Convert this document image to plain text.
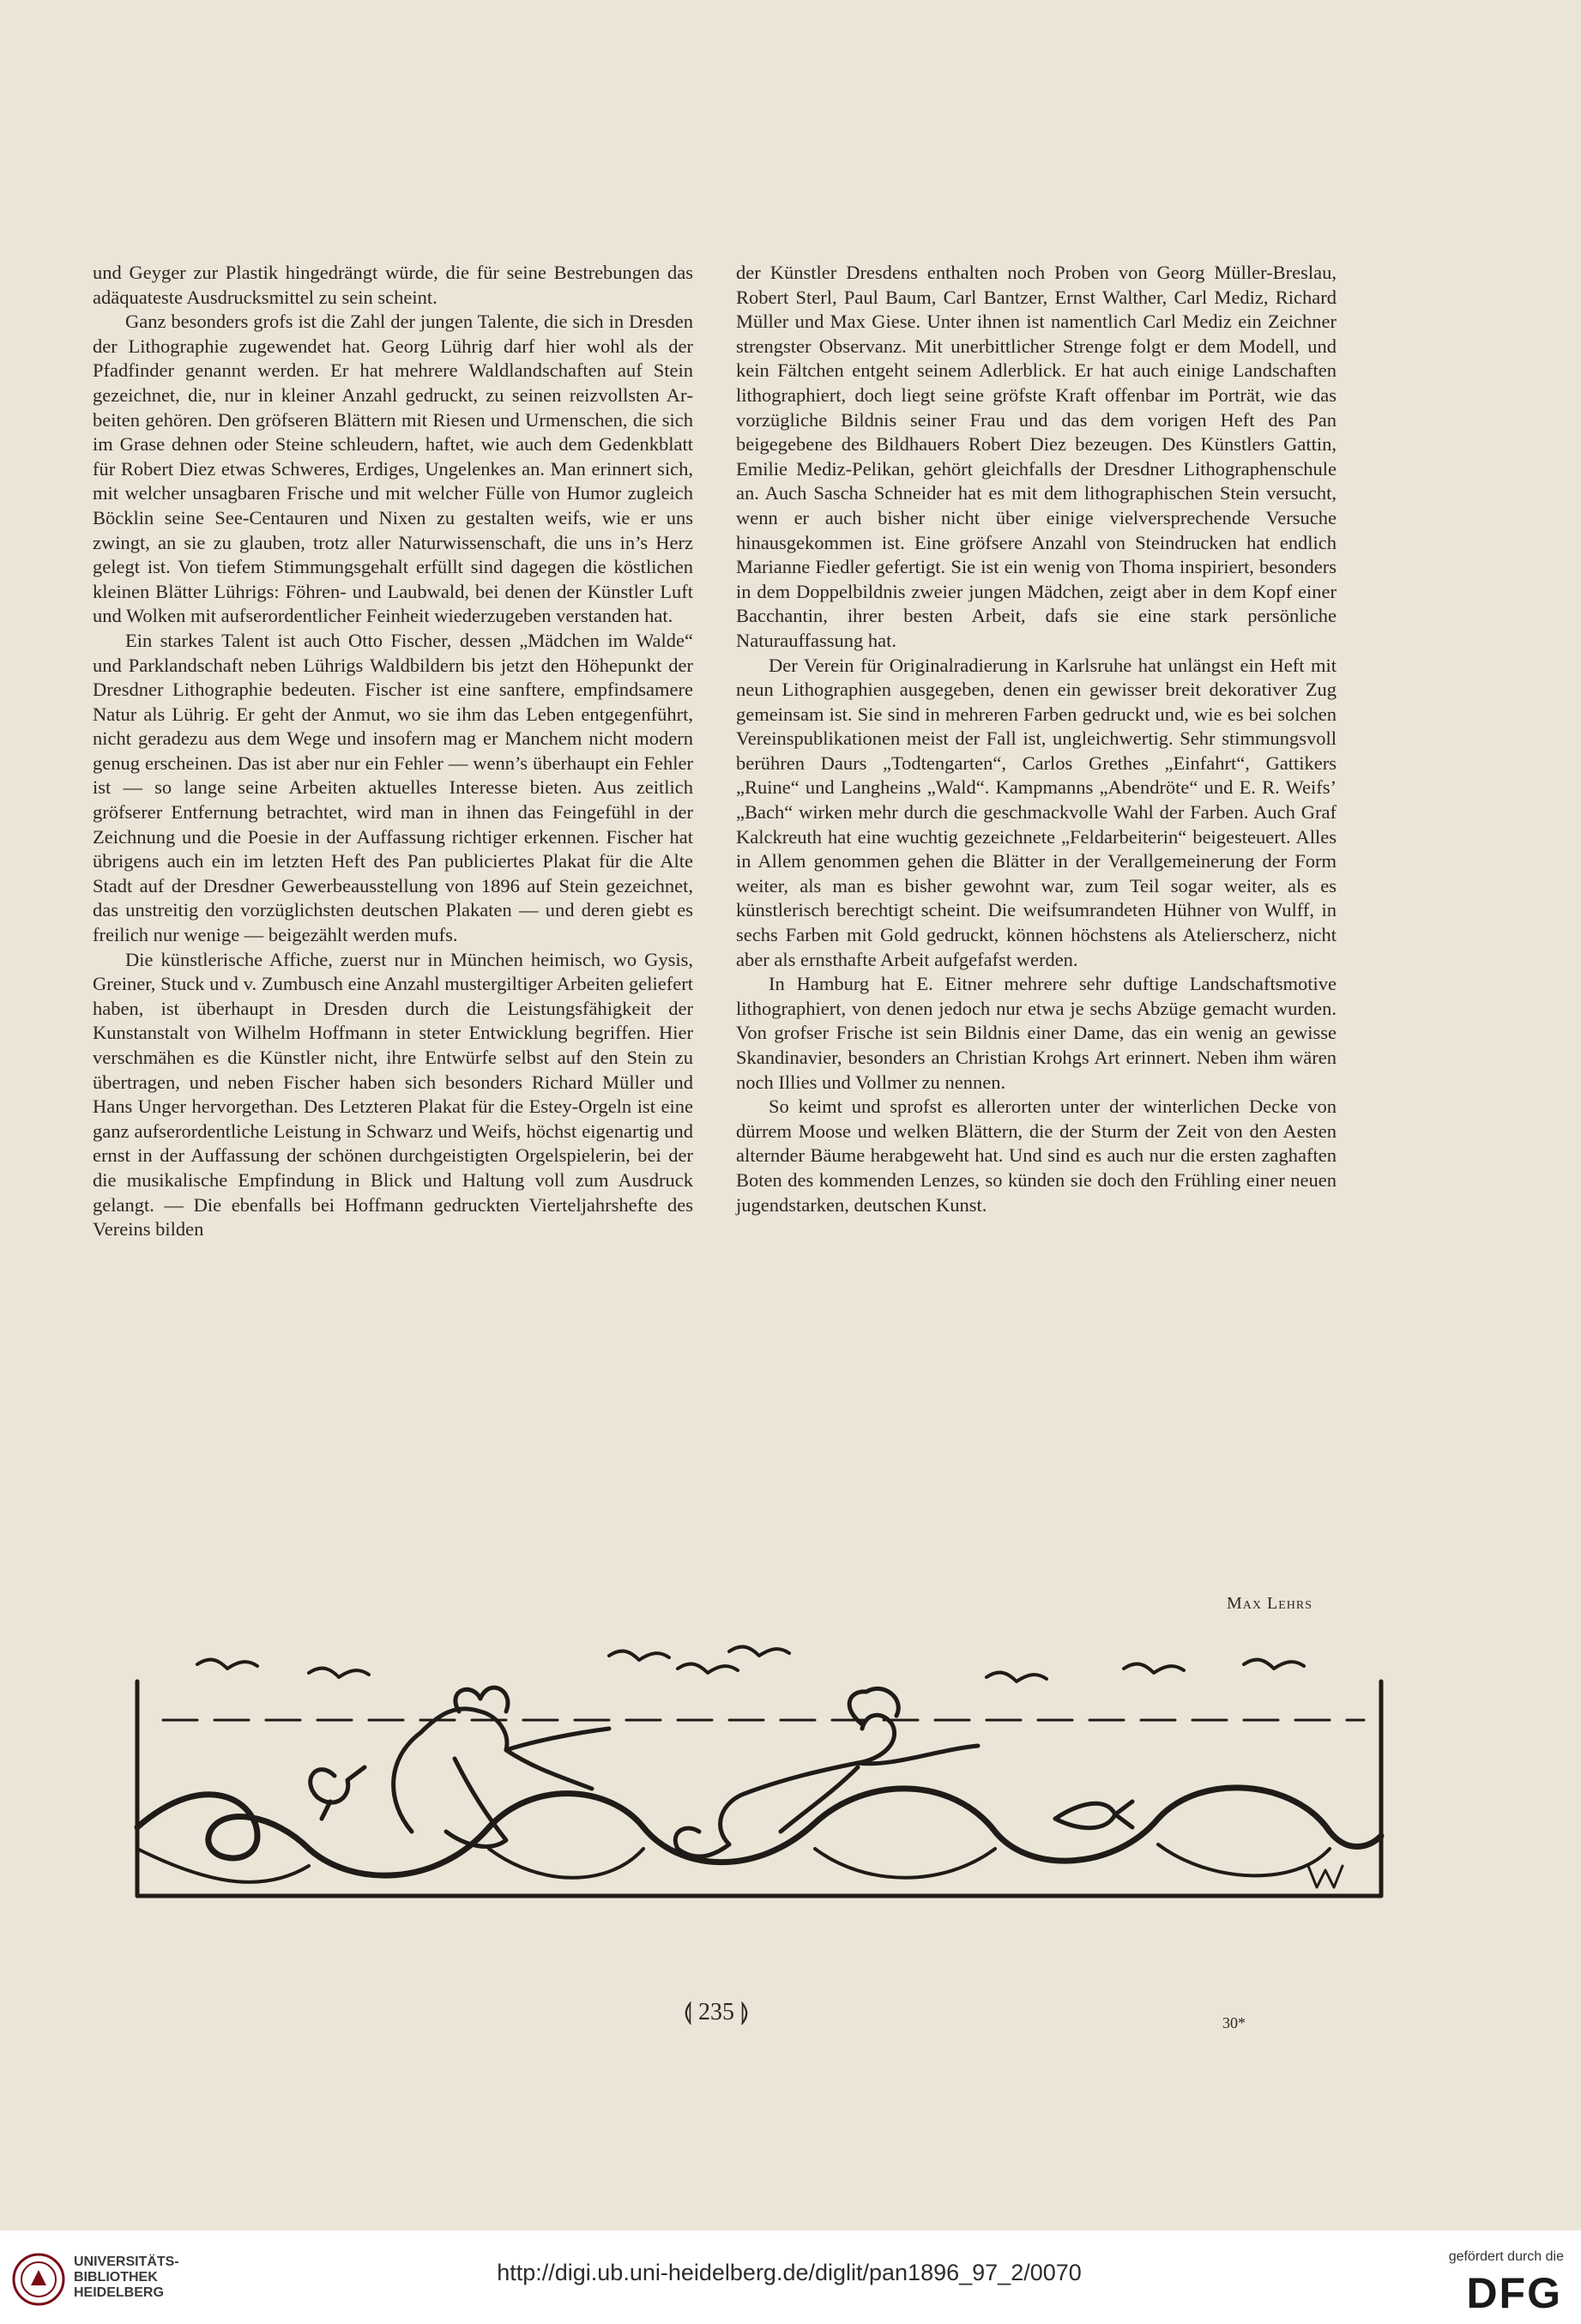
und Geyger zur Plastik hingedrängt würde, die für seine Bestrebungen das adäquateste Ausdrucksmittel zu sein scheint.

Ganz besonders grofs ist die Zahl der jungen Talente, die sich in Dresden der Lithographie zugewendet hat. Georg Lührig darf hier wohl als der Pfadfinder genannt werden. Er hat mehrere Waldlandschaften auf Stein gezeichnet, die, nur in kleiner Anzahl gedruckt, zu seinen reizvollsten Arbeiten gehören. Den gröfseren Blättern mit Riesen und Urmenschen, die sich im Grase dehnen oder Steine schleudern, haftet, wie auch dem Gedenkblatt für Robert Diez etwas Schweres, Erdiges, Ungelenkes an. Man erinnert sich, mit welcher unsagbaren Frische und mit welcher Fülle von Humor zugleich Böcklin seine See-Centauren und Nixen zu gestalten weifs, wie er uns zwingt, an sie zu glauben, trotz aller Naturwissenschaft, die uns in’s Herz gelegt ist. Von tiefem Stimmungsgehalt erfüllt sind dagegen die köstlichen kleinen Blätter Lührigs: Föhren- und Laubwald, bei denen der Künstler Luft und Wolken mit aufserordentlicher Feinheit wiederzugeben verstanden hat.

Ein starkes Talent ist auch Otto Fischer, dessen „Mädchen im Walde“ und Parklandschaft neben Lührigs Waldbildern bis jetzt den Höhepunkt der Dresdner Lithographie bedeuten. Fischer ist eine sanftere, empfindsamere Natur als Lührig. Er geht der Anmut, wo sie ihm das Leben entgegenführt, nicht geradezu aus dem Wege und insofern mag er Manchem nicht modern genug erscheinen. Das ist aber nur ein Fehler — wenn’s überhaupt ein Fehler ist — so lange seine Arbeiten aktuelles Interesse bieten. Aus zeitlich gröfserer Entfernung betrachtet, wird man in ihnen das Feingefühl in der Zeichnung und die Poesie in der Auffassung richtiger erkennen. Fischer hat übrigens auch ein im letzten Heft des Pan publiciertes Plakat für die Alte Stadt auf der Dresdner Gewerbeausstellung von 1896 auf Stein gezeichnet, das unstreitig den vorzüglichsten deutschen Plakaten — und deren giebt es freilich nur wenige — beigezählt werden mufs.

Die künstlerische Affiche, zuerst nur in München heimisch, wo Gysis, Greiner, Stuck und v. Zumbusch eine Anzahl mustergiltiger Arbeiten geliefert haben, ist überhaupt in Dresden durch die Leistungsfähigkeit der Kunstanstalt von Wilhelm Hoffmann in steter Entwicklung begriffen. Hier verschmähen es die Künstler nicht, ihre Entwürfe selbst auf den Stein zu übertragen, und neben Fischer haben sich besonders Richard Müller und Hans Unger hervorgethan. Des Letzteren Plakat für die Estey-Orgeln ist eine ganz aufserordentliche Leistung in Schwarz und Weifs, höchst eigenartig und ernst in der Auffassung der schönen durchgeistigten Orgelspielerin, bei der die musikalische Empfindung in Blick und Haltung voll zum Ausdruck gelangt. — Die ebenfalls bei Hoffmann gedruckten Vierteljahrshefte des Vereins bilden

der Künstler Dresdens enthalten noch Proben von Georg Müller-Breslau, Robert Sterl, Paul Baum, Carl Bantzer, Ernst Walther, Carl Mediz, Richard Müller und Max Giese. Unter ihnen ist namentlich Carl Mediz ein Zeichner strengster Observanz. Mit unerbittlicher Strenge folgt er dem Modell, und kein Fältchen entgeht seinem Adlerblick. Er hat auch einige Landschaften lithographiert, doch liegt seine gröfste Kraft offenbar im Porträt, wie das vorzügliche Bildnis seiner Frau und das dem vorigen Heft des Pan beigegebene des Bildhauers Robert Diez bezeugen. Des Künstlers Gattin, Emilie Mediz-Pelikan, gehört gleichfalls der Dresdner Lithographenschule an. Auch Sascha Schneider hat es mit dem lithographischen Stein versucht, wenn er auch bisher nicht über einige vielversprechende Versuche hinausgekommen ist. Eine gröfsere Anzahl von Steindrucken hat endlich Marianne Fiedler gefertigt. Sie ist ein wenig von Thoma inspiriert, besonders in dem Doppelbildnis zweier jungen Mädchen, zeigt aber in dem Kopf einer Bacchantin, ihrer besten Arbeit, dafs sie eine stark persönliche Naturauffassung hat.

Der Verein für Originalradierung in Karlsruhe hat unlängst ein Heft mit neun Lithographien ausgegeben, denen ein gewisser breit dekorativer Zug gemeinsam ist. Sie sind in mehreren Farben gedruckt und, wie es bei solchen Vereinspublikationen meist der Fall ist, ungleichwertig. Sehr stimmungsvoll berühren Daurs „Todtengarten“, Carlos Grethes „Einfahrt“, Gattikers „Ruine“ und Langheins „Wald“. Kampmanns „Abendröte“ und E. R. Weifs’ „Bach“ wirken mehr durch die geschmackvolle Wahl der Farben. Auch Graf Kalckreuth hat eine wuchtig gezeichnete „Feldarbeiterin“ beigesteuert. Alles in Allem genommen gehen die Blätter in der Verallgemeinerung der Form weiter, als man es bisher gewohnt war, zum Teil sogar weiter, als es künstlerisch berechtigt scheint. Die weifsumrandeten Hühner von Wulff, in sechs Farben mit Gold gedruckt, können höchstens als Atelierscherz, nicht aber als ernsthafte Arbeit aufgefafst werden.

In Hamburg hat E. Eitner mehrere sehr duftige Landschaftsmotive lithographiert, von denen jedoch nur etwa je sechs Abzüge gemacht wurden. Von grofser Frische ist sein Bildnis einer Dame, das ein wenig an gewisse Skandinavier, besonders an Christian Krohgs Art erinnert. Neben ihm wären noch Illies und Vollmer zu nennen.

So keimt und sprofst es allerorten unter der winterlichen Decke von dürrem Moose und welken Blättern, die der Sturm der Zeit von den Aesten alternder Bäume herabgeweht hat. Und sind es auch nur die ersten zaghaften Boten des kommenden Lenzes, so künden sie doch den Frühling einer neuen jugendstarken, deutschen Kunst.

Max Lehrs
⟬ 235 ⟭	30*
UNIVERSITÄTS-
BIBLIOTHEK
HEIDELBERG
http://digi.ub.uni-heidelberg.de/diglit/pan1896_97_2/0070
gefördert durch die
DFG
